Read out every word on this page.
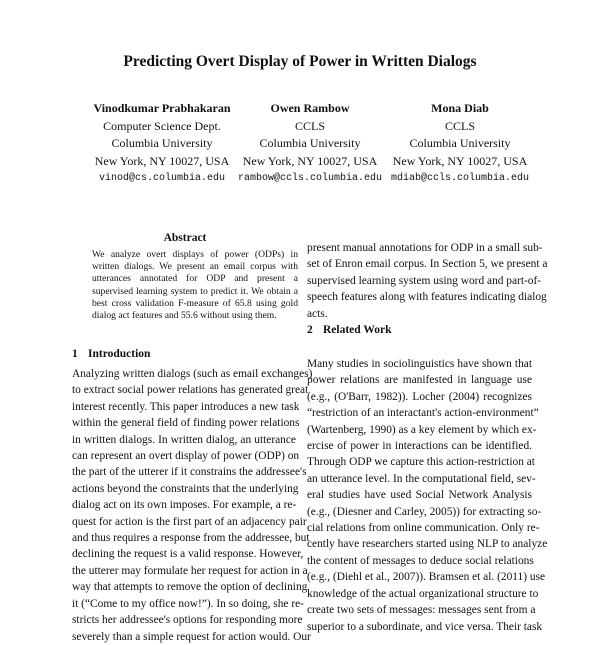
Predicting Overt Display of Power in Written Dialogs
Vinodkumar Prabhakaran
Computer Science Dept.
Columbia University
New York, NY 10027, USA
vinod@cs.columbia.edu
Owen Rambow
CCLS
Columbia University
New York, NY 10027, USA
rambow@ccls.columbia.edu
Mona Diab
CCLS
Columbia University
New York, NY 10027, USA
mdiab@ccls.columbia.edu
Abstract
We analyze overt displays of power (ODPs) in written dialogs. We present an email corpus with utterances annotated for ODP and present a supervised learning system to predict it. We obtain a best cross validation F-measure of 65.8 using gold dialog act features and 55.6 without using them.
1 Introduction
Analyzing written dialogs (such as email exchanges)
to extract social power relations has generated great
interest recently. This paper introduces a new task
within the general field of finding power relations
in written dialogs. In written dialog, an utterance
can represent an overt display of power (ODP) on
the part of the utterer if it constrains the addressee's
actions beyond the constraints that the underlying
dialog act on its own imposes. For example, a re-
quest for action is the first part of an adjacency pair
and thus requires a response from the addressee, but
declining the request is a valid response. However,
the utterer may formulate her request for action in a
way that attempts to remove the option of declining
it (“Come to my office now!”). In so doing, she re-
stricts her addressee's options for responding more
severely than a simple request for action would. Our
present manual annotations for ODP in a small sub-
set of Enron email corpus. In Section 5, we present a
supervised learning system using word and part-of-
speech features along with features indicating dialog
acts.
2 Related Work
Many studies in sociolinguistics have shown that
power relations are manifested in language use
(e.g., (O'Barr, 1982)). Locher (2004) recognizes
“restriction of an interactant's action-environment”
(Wartenberg, 1990) as a key element by which ex-
ercise of power in interactions can be identified.
Through ODP we capture this action-restriction at
an utterance level. In the computational field, sev-
eral studies have used Social Network Analysis
(e.g., (Diesner and Carley, 2005)) for extracting so-
cial relations from online communication. Only re-
cently have researchers started using NLP to analyze
the content of messages to deduce social relations
(e.g., (Diehl et al., 2007)). Bramsen et al. (2011) use
knowledge of the actual organizational structure to
create two sets of messages: messages sent from a
superior to a subordinate, and vice versa. Their task
